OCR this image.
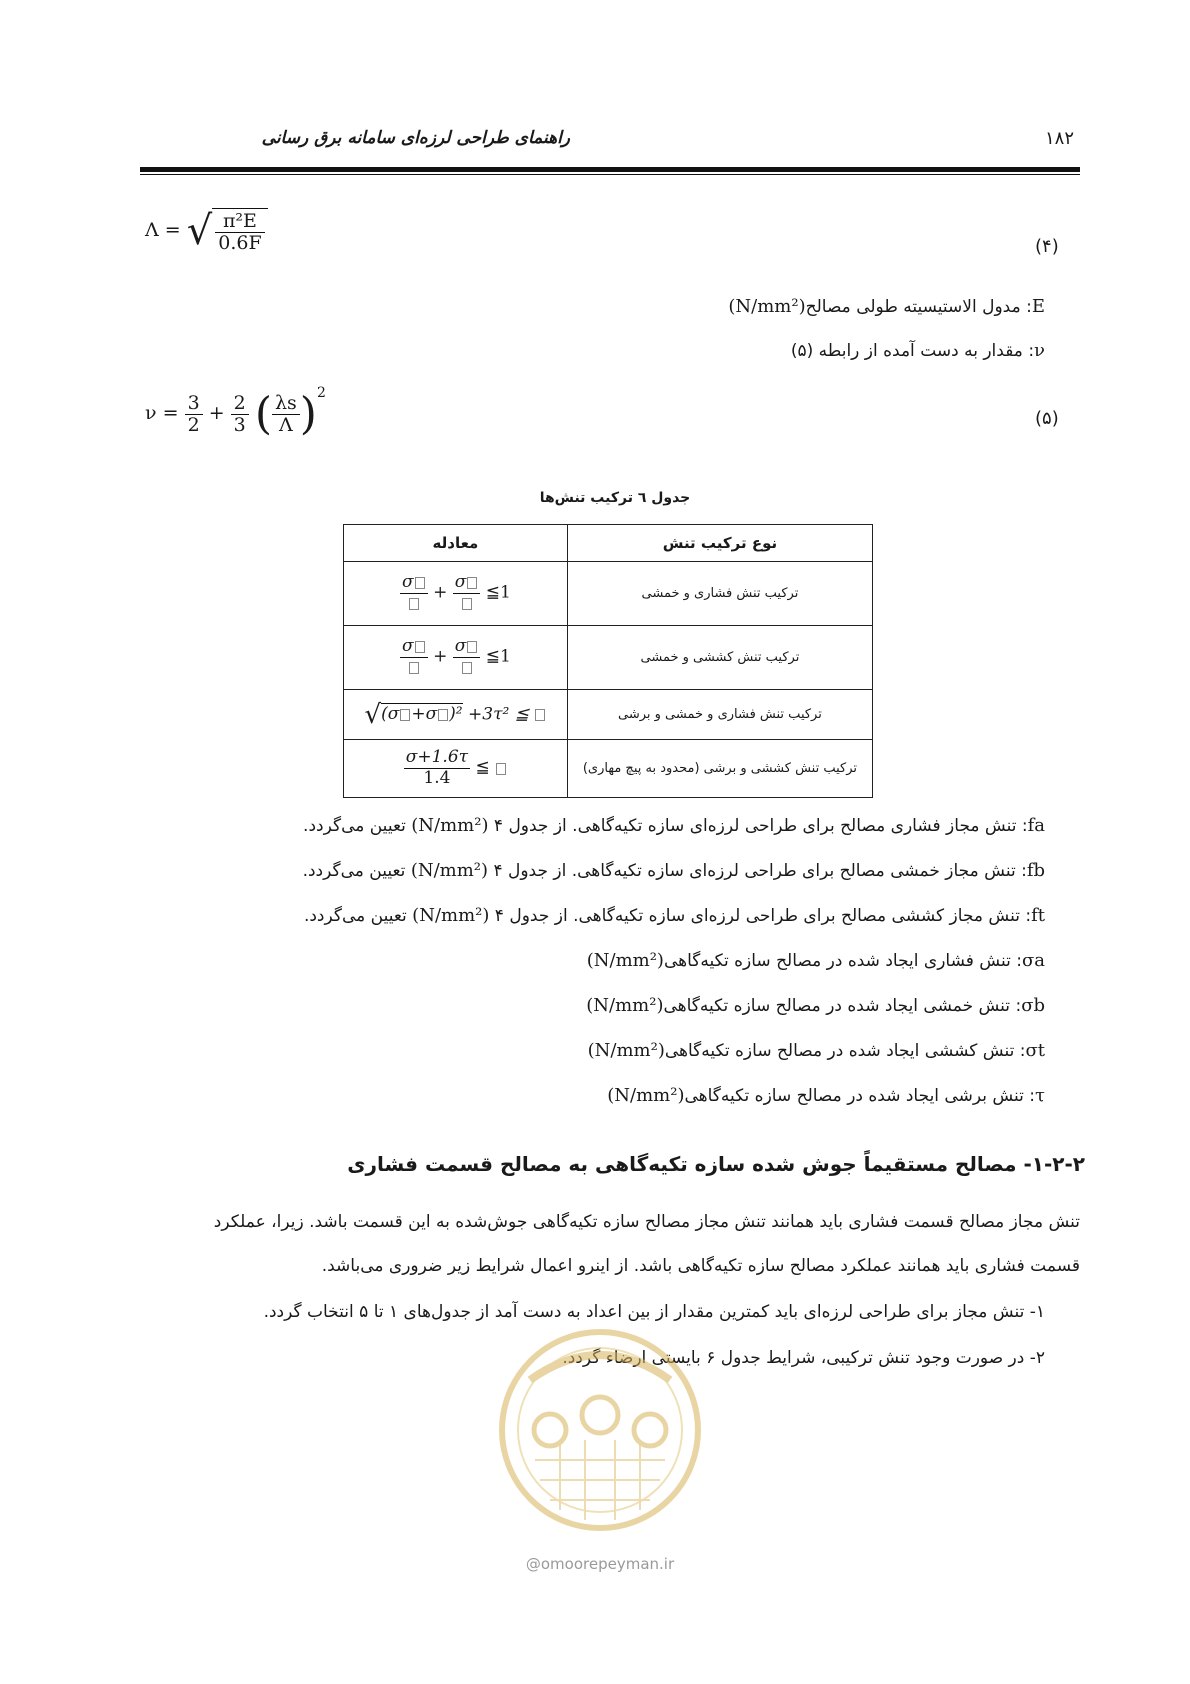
راهنمای طراحی لرزه‌ای سامانه برق رسانی	۱۸۲
Λ = √ $\frac{\text{π²E}}{0.6F}$	(۴)
E: مدول الاستیسیته طولی مصالح(N/mm²)
ν: مقدار به دست آمده از رابطه (۵)
$\nu = \frac{3}{2} + \frac{2}{3}$ ( $\frac{\lambda s}{\Lambda} )^2$
(۵)
جدول ٦ ترکیب تنش‌ها
معادله	نوع ترکیب تنش

σ
+
σ
≦1	ترکیب تنش فشاری و خمشی

σ
+
σ
≦1	ترکیب تنش کششی و خمشی
√(σ +σ )² +3τ² ≦	ترکیب تنش فشاری و خمشی و برشی

$\frac{\sigma+1.6\tau}{1.4}$ ≦	ترکیب تنش کششی و برشی (محدود به پیچ مهاری)
fa: تنش مجاز فشاری مصالح برای طراحی لرزه‌ای سازه تکیه‌گاهی. از جدول ۴ (N/mm²) تعیین می‌گردد.
fb: تنش مجاز خمشی مصالح برای طراحی لرزه‌ای سازه تکیه‌گاهی. از جدول ۴ (N/mm²) تعیین می‌گردد.
ft: تنش مجاز کششی مصالح برای طراحی لرزه‌ای سازه تکیه‌گاهی. از جدول ۴ (N/mm²) تعیین می‌گردد.
σa: تنش فشاری ایجاد شده در مصالح سازه تکیه‌گاهی(N/mm²)
σb: تنش خمشی ایجاد شده در مصالح سازه تکیه‌گاهی(N/mm²)
σt: تنش کششی ایجاد شده در مصالح سازه تکیه‌گاهی(N/mm²)
τ: تنش برشی ایجاد شده در مصالح سازه تکیه‌گاهی(N/mm²)
۱-۲-۲- مصالح مستقیماً جوش شده سازه تکیه‌گاهی به مصالح قسمت فشاری
تنش مجاز مصالح قسمت فشاری باید همانند تنش مجاز مصالح سازه تکیه‌گاهی جوش‌شده به این قسمت باشد. زیرا، عملکرد
قسمت فشاری باید همانند عملکرد مصالح سازه تکیه‌گاهی باشد. از اینرو اعمال شرایط زیر ضروری می‌باشد.
۱- تنش مجاز برای طراحی لرزه‌ای باید کمترین مقدار از بین اعداد به دست آمد از جدول‌های ۱ تا ۵ انتخاب گردد.
۲- در صورت وجود تنش ترکیبی، شرایط جدول ۶ بایستی ارضاء گردد.
@omoorepeyman.ir
